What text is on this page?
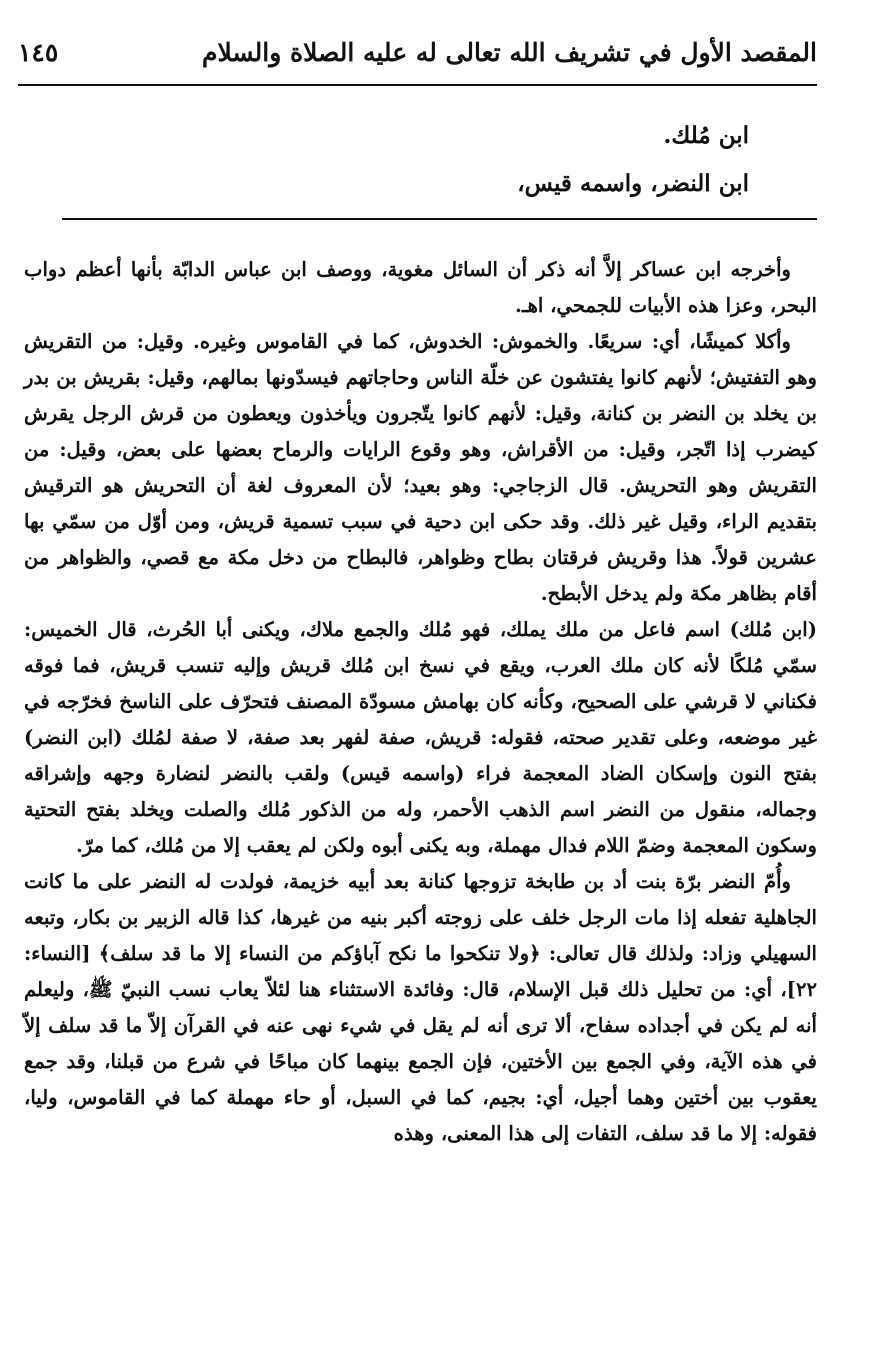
المقصد الأول في تشريف الله تعالى له عليه الصلاة والسلام
١٤٥
ابن مُلك.
ابن النضر، واسمه قيس،

وأخرجه ابن عساكر إلاَّ أنه ذكر أن السائل مغوية، ووصف ابن عباس الدابّة بأنها أعظم دواب البحر، وعزا هذه الأبيات للجمحي، اهـ.

وأكلا كميشًا، أي: سريعًا. والخموش: الخدوش، كما في القاموس وغيره. وقيل: من التقريش وهو التفتيش؛ لأنهم كانوا يفتشون عن خلّة الناس وحاجاتهم فيسدّونها بمالهم، وقيل: بقريش بن بدر بن يخلد بن النضر بن كنانة، وقيل: لأنهم كانوا يتّجرون ويأخذون ويعطون من قرش الرجل يقرش كيضرب إذا اتّجر، وقيل: من الأقراش، وهو وقوع الرايات والرماح بعضها على بعض، وقيل: من التقريش وهو التحريش. قال الزجاجي: وهو بعيد؛ لأن المعروف لغة أن التحريش هو الترقيش بتقديم الراء، وقيل غير ذلك. وقد حكى ابن دحية في سبب تسمية قريش، ومن أوّل من سمّي بها عشرين قولاً. هذا وقريش فرقتان بطاح وظواهر، فالبطاح من دخل مكة مع قصي، والظواهر من أقام بظاهر مكة ولم يدخل الأبطح.

(ابن مُلك) اسم فاعل من ملك يملك، فهو مُلك والجمع ملاك، ويكنى أبا الحُرث، قال الخميس: سمّي مُلكًا لأنه كان ملك العرب، ويقع في نسخ ابن مُلك قريش وإليه تنسب قريش، فما فوقه فكناني لا قرشي على الصحيح، وكأنه كان بهامش مسودّة المصنف فتحرّف على الناسخ فخرّجه في غير موضعه، وعلى تقدير صحته، فقوله: قريش، صفة لفهر بعد صفة، لا صفة لمُلك (ابن النضر) بفتح النون وإسكان الضاد المعجمة فراء (واسمه قيس) ولقب بالنضر لنضارة وجهه وإشراقه وجماله، منقول من النضر اسم الذهب الأحمر، وله من الذكور مُلك والصلت ويخلد بفتح التحتية وسكون المعجمة وضمّ اللام فدال مهملة، وبه يكنى أبوه ولكن لم يعقب إلا من مُلك، كما مرّ.

وأُمّ النضر برّة بنت أد بن طابخة تزوجها كنانة بعد أبيه خزيمة، فولدت له النضر على ما كانت الجاهلية تفعله إذا مات الرجل خلف على زوجته أكبر بنيه من غيرها، كذا قاله الزبير بن بكار، وتبعه السهيلي وزاد: ولذلك قال تعالى: ﴿ولا تنكحوا ما نكح آباؤكم من النساء إلا ما قد سلف﴾ [النساء: ٢٢]، أي: من تحليل ذلك قبل الإسلام، قال: وفائدة الاستثناء هنا لئلاّ يعاب نسب النبيّ ﷺ، وليعلم أنه لم يكن في أجداده سفاح، ألا ترى أنه لم يقل في شيء نهى عنه في القرآن إلاّ ما قد سلف إلاّ في هذه الآية، وفي الجمع بين الأختين، فإن الجمع بينهما كان مباحًا في شرع من قبلنا، وقد جمع يعقوب بين أختين وهما أجيل، أي: بجيم، كما في السبل، أو حاء مهملة كما في القاموس، وليا، فقوله: إلا ما قد سلف، التفات إلى هذا المعنى، وهذه
